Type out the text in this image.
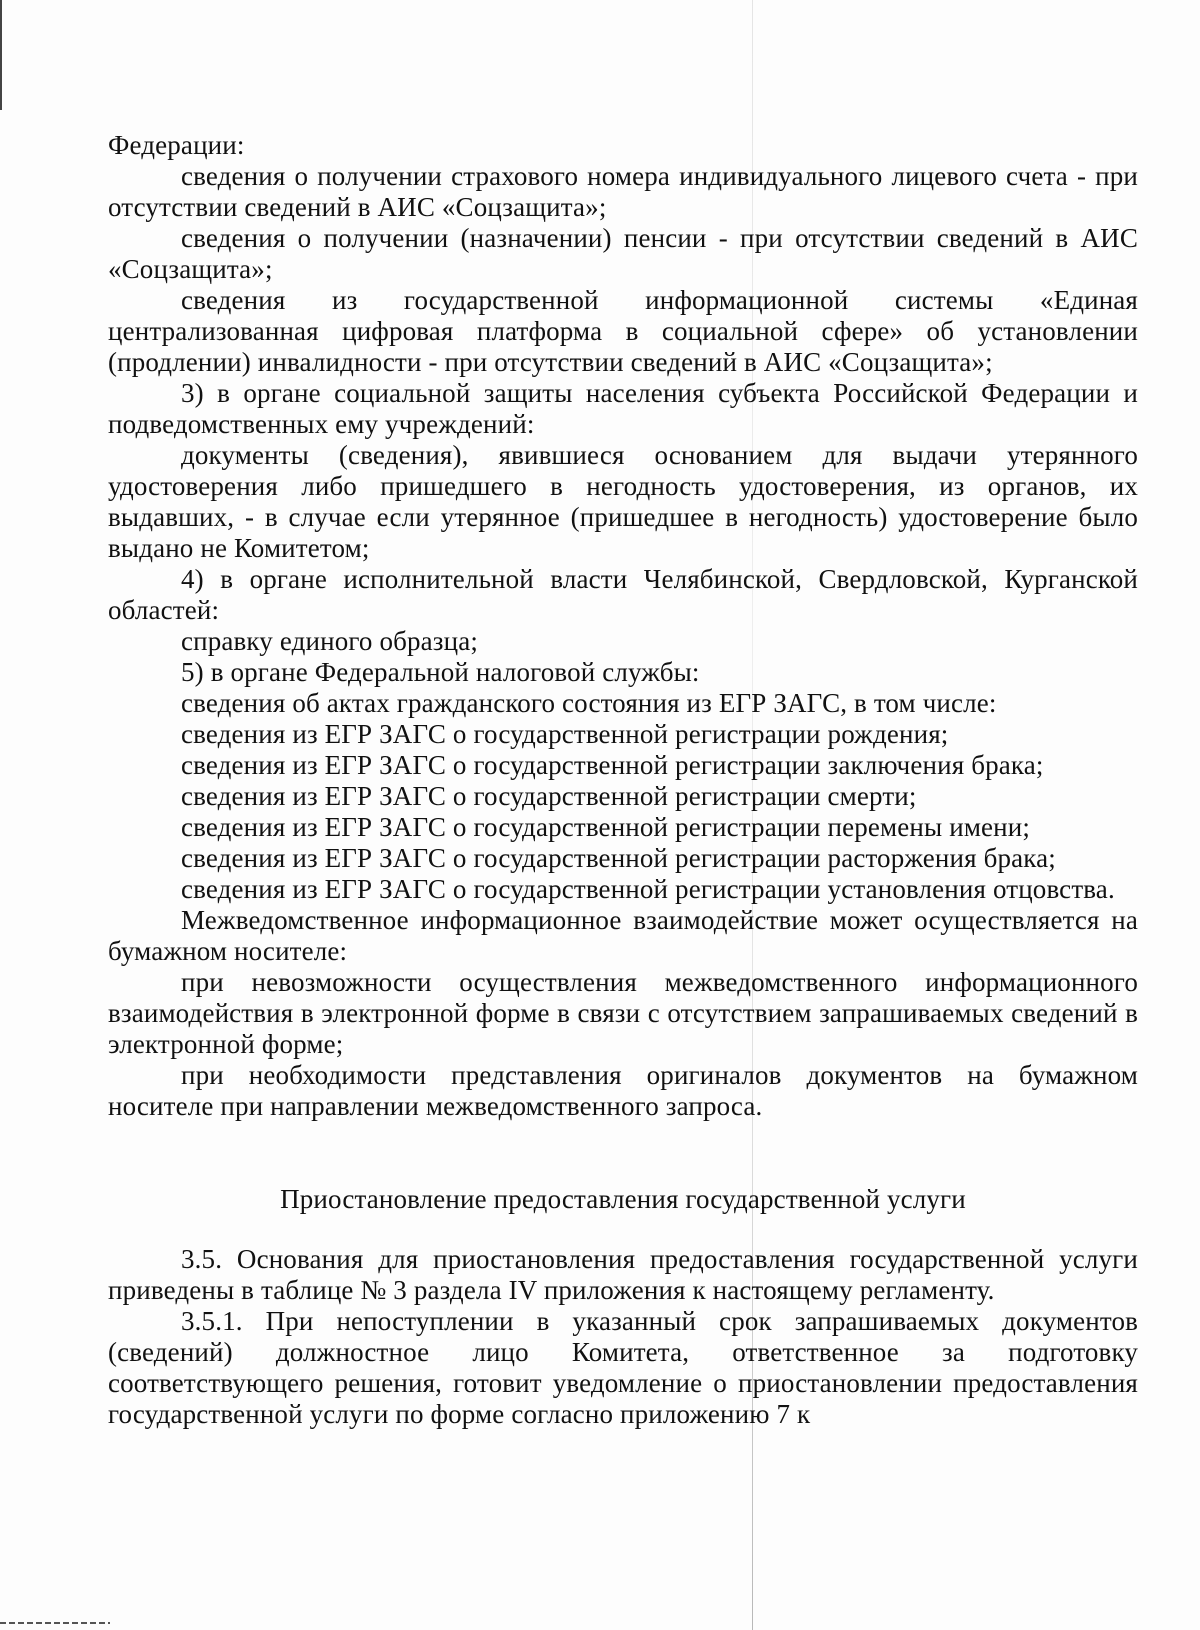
Федерации:

сведения о получении страхового номера индивидуального лицевого счета - при отсутствии сведений в АИС «Соцзащита»;

сведения о получении (назначении) пенсии - при отсутствии сведений в АИС «Соцзащита»;

сведения из государственной информационной системы «Единая централизованная цифровая платформа в социальной сфере» об установлении (продлении) инвалидности - при отсутствии сведений в АИС «Соцзащита»;

3) в органе социальной защиты населения субъекта Российской Федерации и подведомственных ему учреждений:

документы (сведения), явившиеся основанием для выдачи утерянного удостоверения либо пришедшего в негодность удостоверения, из органов, их выдавших, - в случае если утерянное (пришедшее в негодность) удостоверение было выдано не Комитетом;

4) в органе исполнительной власти Челябинской, Свердловской, Курганской областей:

справку единого образца;

5) в органе Федеральной налоговой службы:

сведения об актах гражданского состояния из ЕГР ЗАГС, в том числе:

сведения из ЕГР ЗАГС о государственной регистрации рождения;

сведения из ЕГР ЗАГС о государственной регистрации заключения брака;

сведения из ЕГР ЗАГС о государственной регистрации смерти;

сведения из ЕГР ЗАГС о государственной регистрации перемены имени;

сведения из ЕГР ЗАГС о государственной регистрации расторжения брака;

сведения из ЕГР ЗАГС о государственной регистрации установления отцовства.

Межведомственное информационное взаимодействие может осуществляется на бумажном носителе:

при невозможности осуществления межведомственного информационного взаимодействия в электронной форме в связи с отсутствием запрашиваемых сведений в электронной форме;

при необходимости представления оригиналов документов на бумажном носителе при направлении межведомственного запроса.

Приостановление предоставления государственной услуги

3.5. Основания для приостановления предоставления государственной услуги приведены в таблице № 3 раздела IV приложения к настоящему регламенту.

3.5.1. При непоступлении в указанный срок запрашиваемых документов (сведений) должностное лицо Комитета, ответственное за подготовку соответствующего решения, готовит уведомление о приостановлении предоставления государственной услуги по форме согласно приложению 7 к
